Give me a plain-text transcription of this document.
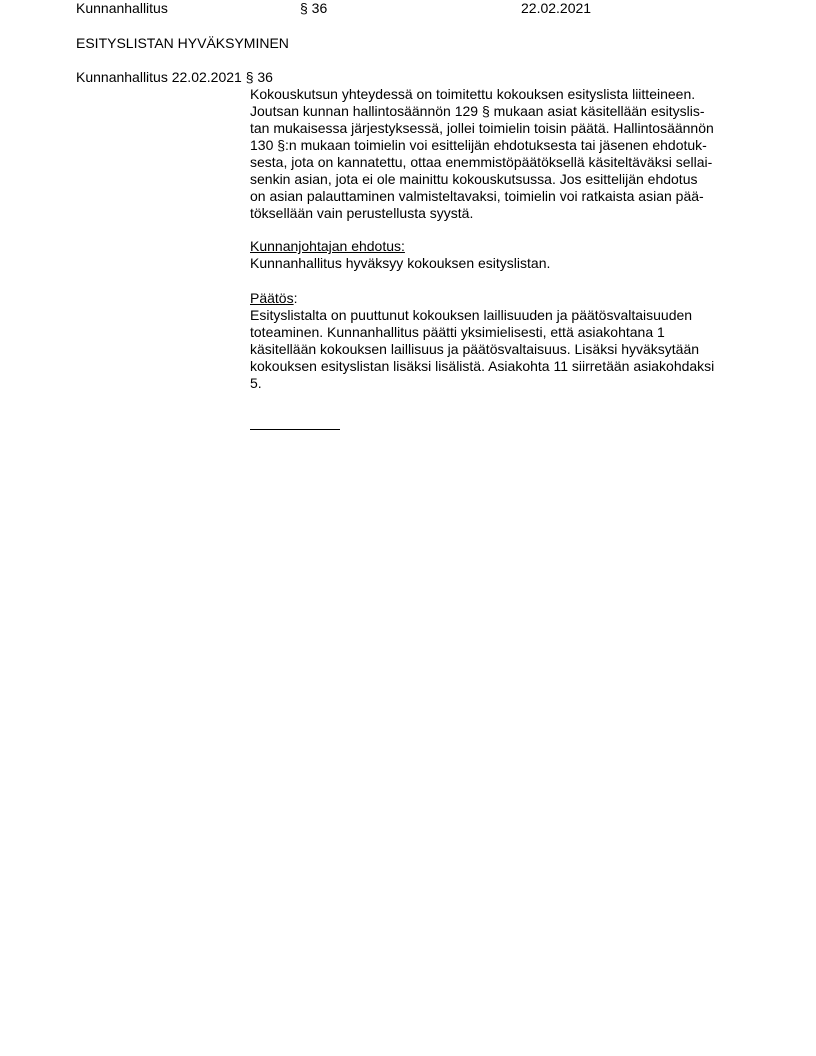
Kunnanhallitus	§ 36	22.02.2021
ESITYSLISTAN HYVÄKSYMINEN
Kunnanhallitus 22.02.2021 § 36
Kokouskutsun yhteydessä on toimitettu kokouksen esityslista liitteineen.
Joutsan kunnan hallintosäännön 129 § mukaan asiat käsitellään esityslis-
tan mukaisessa järjestyksessä, jollei toimielin toisin päätä. Hallintosäännön
130 §:n mukaan toimielin voi esittelijän ehdotuksesta tai jäsenen ehdotuk-
sesta, jota on kannatettu, ottaa enemmistöpäätöksellä käsiteltäväksi sellai-
senkin asian, jota ei ole mainittu kokouskutsussa. Jos esittelijän ehdotus
on asian palauttaminen valmisteltavaksi, toimielin voi ratkaista asian pää-
töksellään vain perustellusta syystä.
Kunnanjohtajan ehdotus:
Kunnanhallitus hyväksyy kokouksen esityslistan.
Päätös:
Esityslistalta on puuttunut kokouksen laillisuuden ja päätösvaltaisuuden
toteaminen. Kunnanhallitus päätti yksimielisesti, että asiakohtana 1
käsitellään kokouksen laillisuus ja päätösvaltaisuus. Lisäksi hyväksytään
kokouksen esityslistan lisäksi lisälistä. Asiakohta 11 siirretään asiakohdaksi
5.
